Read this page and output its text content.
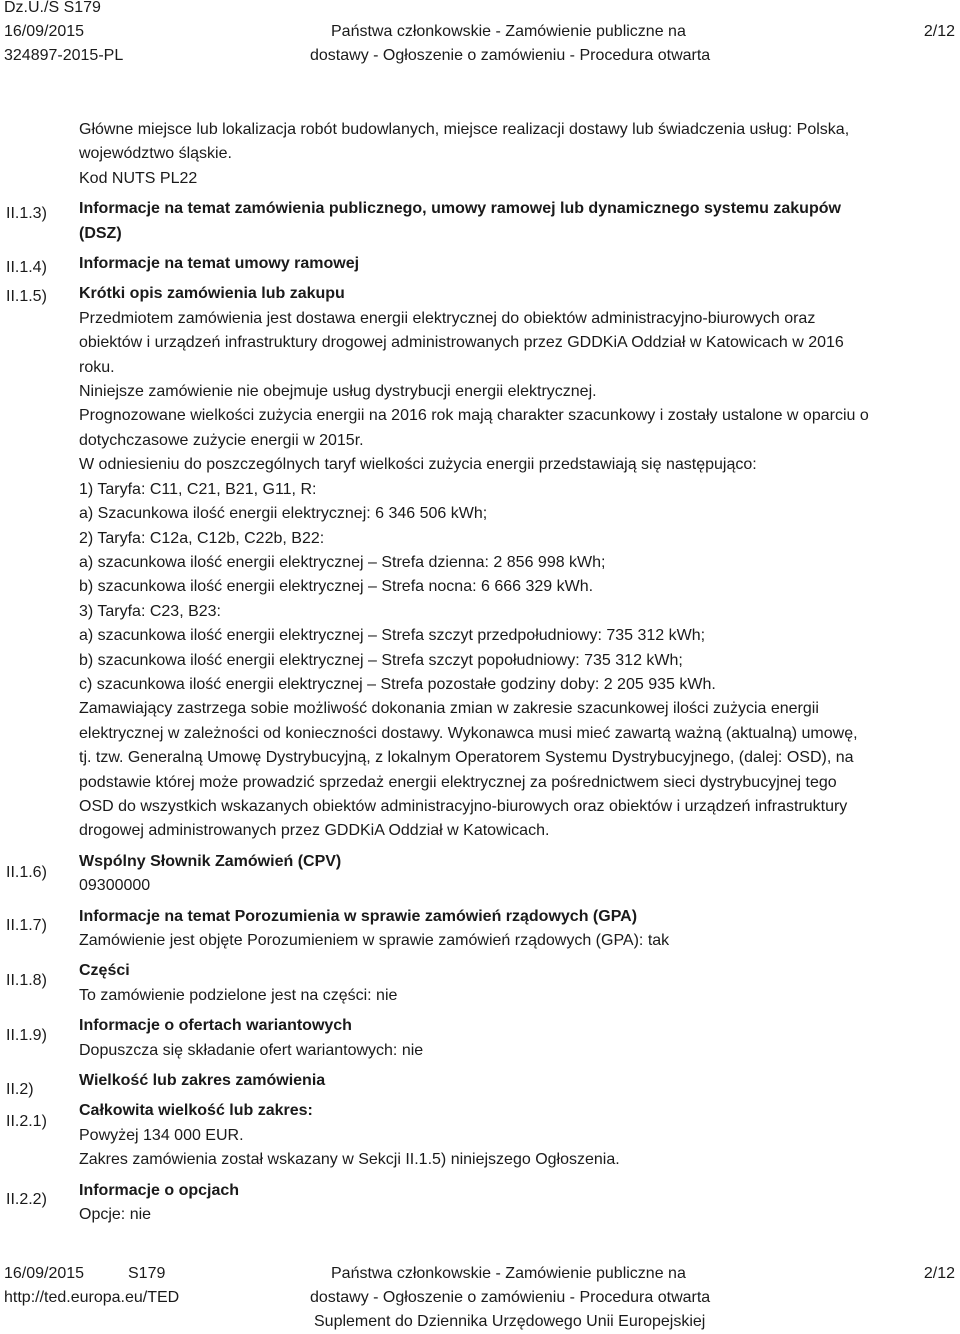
Dz.U./S S179
16/09/2015
324897-2015-PL
Państwa członkowskie - Zamówienie publiczne na
dostawy - Ogłoszenie o zamówieniu - Procedura otwarta
2/12
II.1.3)
II.1.4)
II.1.5)
II.1.6)
II.1.7)
II.1.8)
II.1.9)
II.2)
II.2.1)
II.2.2)
Główne miejsce lub lokalizacja robót budowlanych, miejsce realizacji dostawy lub świadczenia usług: Polska,
województwo śląskie.
Kod NUTS PL22
Informacje na temat zamówienia publicznego, umowy ramowej lub dynamicznego systemu zakupów
(DSZ)
Informacje na temat umowy ramowej
Krótki opis zamówienia lub zakupu
Przedmiotem zamówienia jest dostawa energii elektrycznej do obiektów administracyjno-biurowych oraz
obiektów i urządzeń infrastruktury drogowej administrowanych przez GDDKiA Oddział w Katowicach w 2016
roku.
Niniejsze zamówienie nie obejmuje usług dystrybucji energii elektrycznej.
Prognozowane wielkości zużycia energii na 2016 rok mają charakter szacunkowy i zostały ustalone w oparciu o
dotychczasowe zużycie energii w 2015r.
W odniesieniu do poszczególnych taryf wielkości zużycia energii przedstawiają się następująco:
1) Taryfa: C11, C21, B21, G11, R:
a) Szacunkowa ilość energii elektrycznej: 6 346 506 kWh;
2) Taryfa: C12a, C12b, C22b, B22:
a) szacunkowa ilość energii elektrycznej – Strefa dzienna: 2 856 998 kWh;
b) szacunkowa ilość energii elektrycznej – Strefa nocna: 6 666 329 kWh.
3) Taryfa: C23, B23:
a) szacunkowa ilość energii elektrycznej – Strefa szczyt przedpołudniowy: 735 312 kWh;
b) szacunkowa ilość energii elektrycznej – Strefa szczyt popołudniowy: 735 312 kWh;
c) szacunkowa ilość energii elektrycznej – Strefa pozostałe godziny doby: 2 205 935 kWh.
Zamawiający zastrzega sobie możliwość dokonania zmian w zakresie szacunkowej ilości zużycia energii
elektrycznej w zależności od konieczności dostawy. Wykonawca musi mieć zawartą ważną (aktualną) umowę,
tj. tzw. Generalną Umowę Dystrybucyjną, z lokalnym Operatorem Systemu Dystrybucyjnego, (dalej: OSD), na
podstawie której może prowadzić sprzedaż energii elektrycznej za pośrednictwem sieci dystrybucyjnej tego
OSD do wszystkich wskazanych obiektów administracyjno-biurowych oraz obiektów i urządzeń infrastruktury
drogowej administrowanych przez GDDKiA Oddział w Katowicach.
Wspólny Słownik Zamówień (CPV)
09300000
Informacje na temat Porozumienia w sprawie zamówień rządowych (GPA)
Zamówienie jest objęte Porozumieniem w sprawie zamówień rządowych (GPA): tak
Części
To zamówienie podzielone jest na części: nie
Informacje o ofertach wariantowych
Dopuszcza się składanie ofert wariantowych: nie
Wielkość lub zakres zamówienia
Całkowita wielkość lub zakres:
Powyżej 134 000 EUR.
Zakres zamówienia został wskazany w Sekcji II.1.5) niniejszego Ogłoszenia.
Informacje o opcjach
Opcje: nie
16/09/2015	S179
http://ted.europa.eu/TED
Państwa członkowskie - Zamówienie publiczne na
dostawy - Ogłoszenie o zamówieniu - Procedura otwarta
Suplement do Dziennika Urzędowego Unii Europejskiej
2/12
